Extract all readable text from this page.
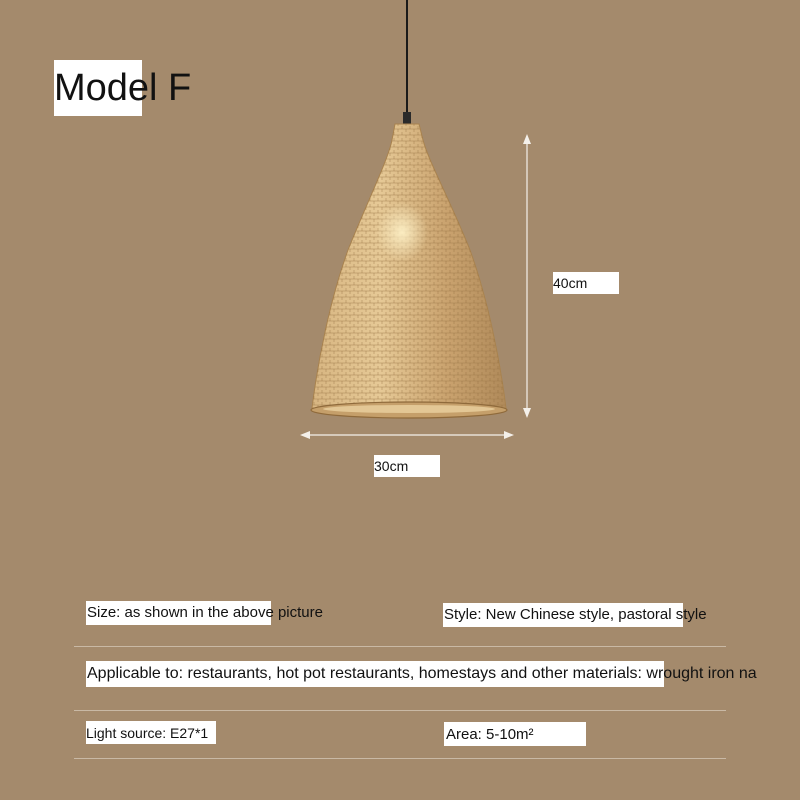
Model F
40cm
30cm
Size: as shown in the above picture	Style: New Chinese style, pastoral style
Applicable to: restaurants, hot pot restaurants, homestays and other materials: wrought iron na
Light source: E27*1	Area: 5-10m²
